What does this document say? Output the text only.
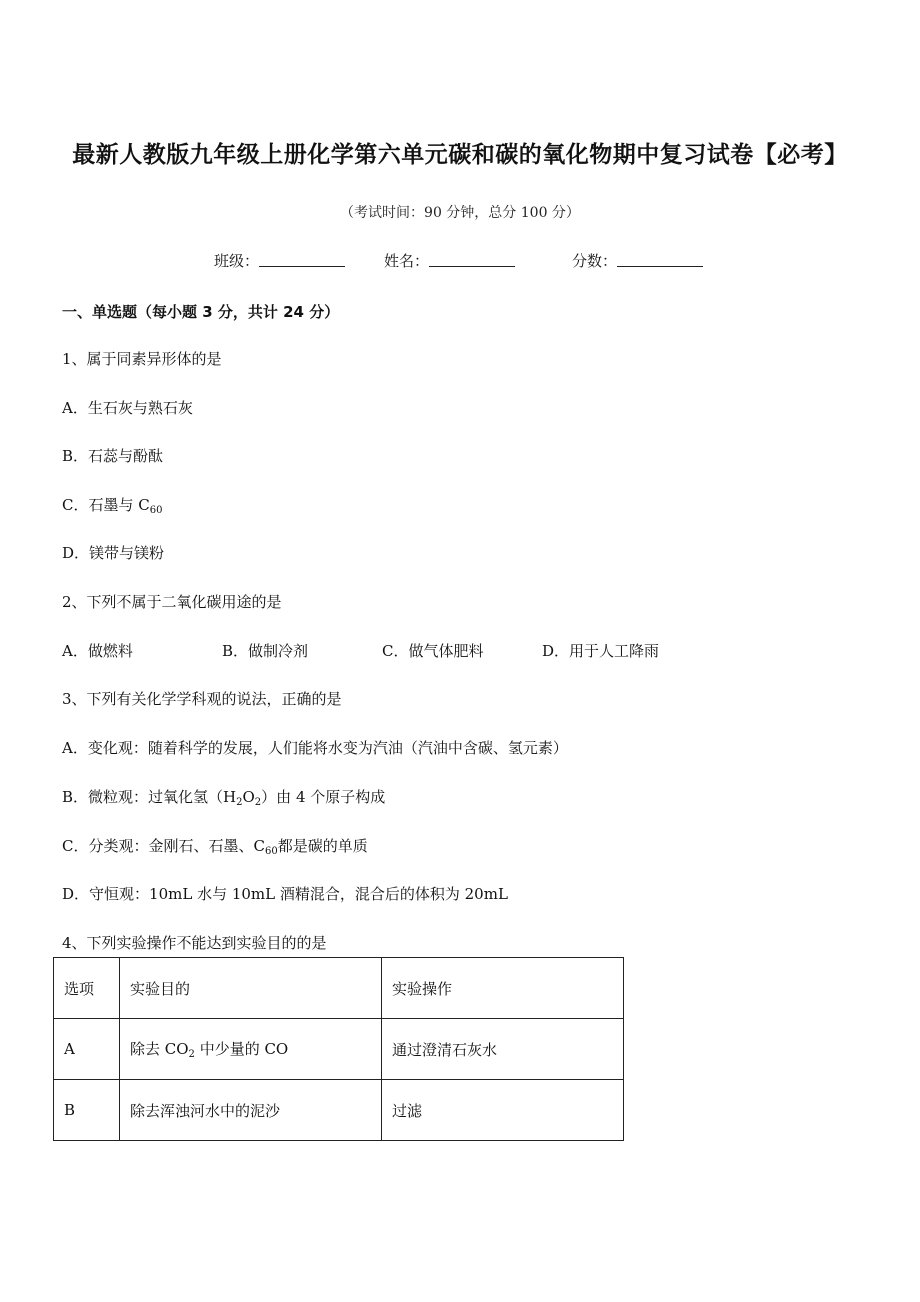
最新人教版九年级上册化学第六单元碳和碳的氧化物期中复习试卷【必考】
（考试时间：90 分钟，总分 100 分）
班级：	姓名：	分数：
一、单选题（每小题 3 分，共计 24 分）
1、属于同素异形体的是
A．生石灰与熟石灰
B．石蕊与酚酞
C．石墨与 $C_{60}$
D．镁带与镁粉
2、下列不属于二氧化碳用途的是
A．做燃料	B．做制冷剂	C．做气体肥料	D．用于人工降雨
3、下列有关化学学科观的说法，正确的是
A．变化观：随着科学的发展，人们能将水变为汽油（汽油中含碳、氢元素）
B．微粒观：过氧化氢$(H_2O_2)$由 4 个原子构成
C．分类观：金刚石、石墨、$C_{60}$都是碳的单质
D．守恒观：10mL 水与 10mL 酒精混合，混合后的体积为 20mL
4、下列实验操作不能达到实验目的的是
选项	实验目的	实验操作
A	除去 $CO_2$ 中少量的 CO	通过澄清石灰水
B	除去浑浊河水中的泥沙	过滤
